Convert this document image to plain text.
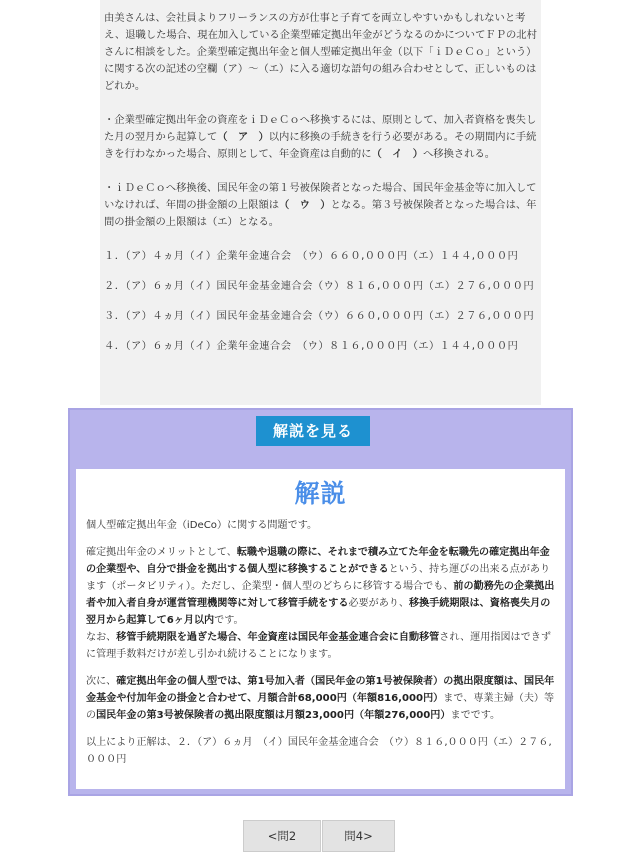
由美さんは、会社員よりフリーランスの方が仕事と子育てを両立しやすいかもしれないと考え、退職した場合、現在加入している企業型確定拠出年金がどうなるのかについてＦＰの北村さんに相談をした。企業型確定拠出年金と個人型確定拠出年金（以下「ｉＤｅＣｏ」という）に関する次の記述の空欄（ア）～（エ）に入る適切な語句の組み合わせとして、正しいものはどれか。

・企業型確定拠出年金の資産をｉＤｅＣｏへ移換するには、原則として、加入者資格を喪失した月の翌月から起算して（　ア　）以内に移換の手続きを行う必要がある。その期間内に手続きを行わなかった場合、原則として、年金資産は自動的に（　イ　）へ移換される。

・ｉＤｅＣｏへ移換後、国民年金の第１号被保険者となった場合、国民年金基金等に加入していなければ、年間の掛金額の上限額は（　ウ　）となる。第３号被保険者となった場合は、年間の掛金額の上限額は（エ）となる。

１．（ア）４ヵ月（イ）企業年金連合会　（ウ）６６０,０００円（エ）１４４,０００円

２．（ア）６ヵ月（イ）国民年金基金連合会（ウ）８１６,０００円（エ）２７６,０００円

３．（ア）４ヵ月（イ）国民年金基金連合会（ウ）６６０,０００円（エ）２７６,０００円

４．（ア）６ヵ月（イ）企業年金連合会　（ウ）８１６,０００円（エ）１４４,０００円

解説を見る
解説

個人型確定拠出年金（iDeCo）に関する問題です。

確定拠出年金のメリットとして、転職や退職の際に、それまで積み立てた年金を転職先の確定拠出年金の企業型や、自分で掛金を拠出する個人型に移換することができるという、持ち運びの出来る点があります（ポータビリティ）。ただし、企業型・個人型のどちらに移管する場合でも、前の勤務先の企業拠出者や加入者自身が運営管理機関等に対して移管手続をする必要があり、移換手続期限は、資格喪失月の翌月から起算して6ヶ月以内です。
なお、移管手続期限を過ぎた場合、年金資産は国民年金基金連合会に自動移管され、運用指図はできずに管理手数料だけが差し引かれ続けることになります。

次に、確定拠出年金の個人型では、第1号加入者（国民年金の第1号被保険者）の拠出限度額は、国民年金基金や付加年金の掛金と合わせて、月額合計68,000円（年額816,000円）まで、専業主婦（夫）等の国民年金の第3号被保険者の拠出限度額は月額23,000円（年額276,000円）までです。

以上により正解は、２．（ア）６ヵ月　（イ）国民年金基金連合会　（ウ）８１６,０００円（エ）２７６,０００円

<問2	問4>
